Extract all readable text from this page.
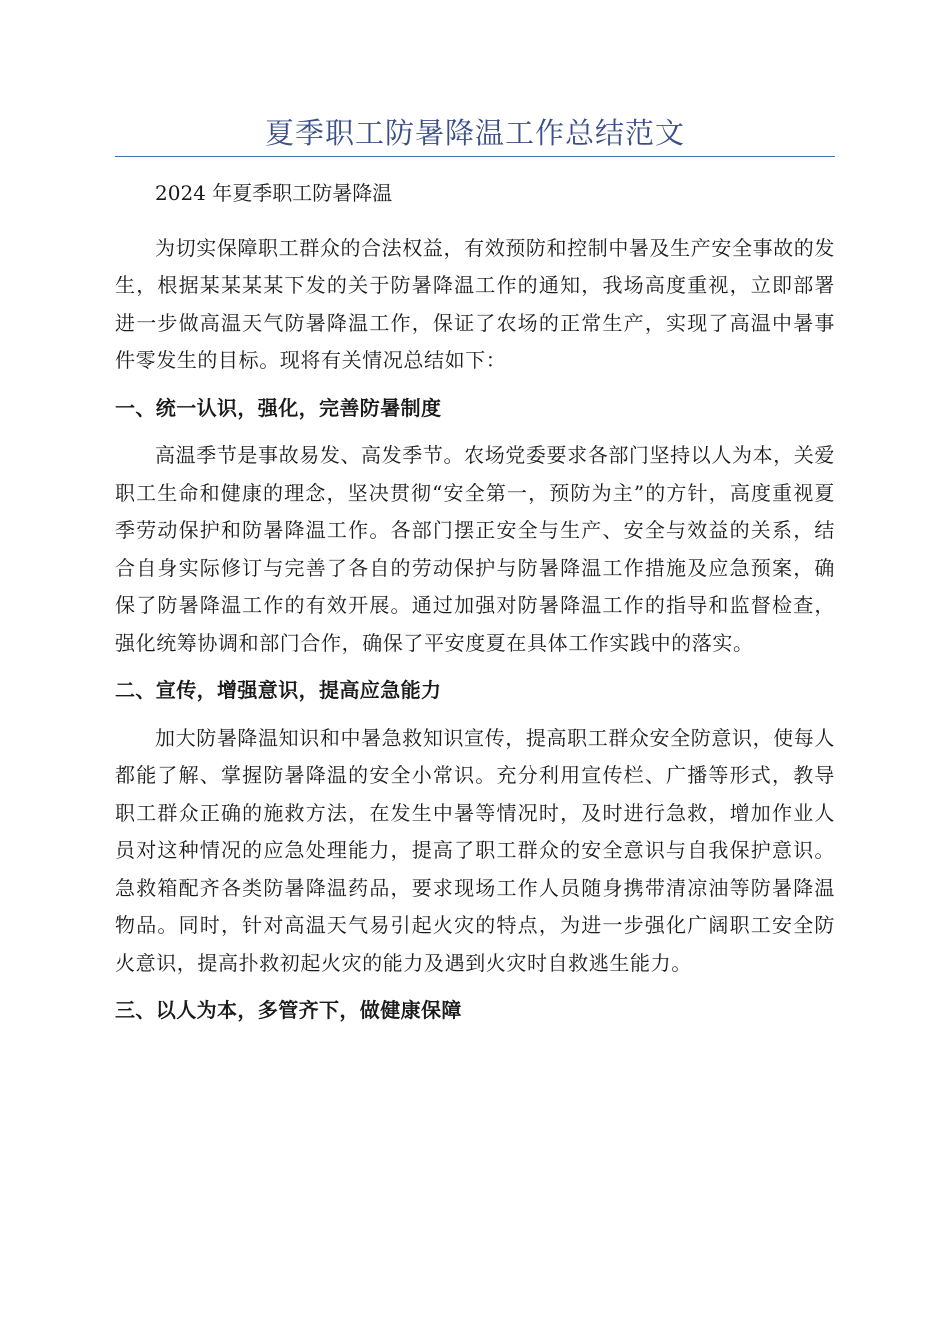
夏季职工防暑降温工作总结范文

2024 年夏季职工防暑降温

为切实保障职工群众的合法权益，有效预防和控制中暑及生产安全事故的发生，根据某某某某下发的关于防暑降温工作的通知，我场高度重视，立即部署进一步做高温天气防暑降温工作，保证了农场的正常生产，实现了高温中暑事件零发生的目标。现将有关情况总结如下：

一、统一认识，强化，完善防暑制度

高温季节是事故易发、高发季节。农场党委要求各部门坚持以人为本，关爱职工生命和健康的理念，坚决贯彻“安全第一，预防为主”的方针，高度重视夏季劳动保护和防暑降温工作。各部门摆正安全与生产、安全与效益的关系，结合自身实际修订与完善了各自的劳动保护与防暑降温工作措施及应急预案，确保了防暑降温工作的有效开展。通过加强对防暑降温工作的指导和监督检查，强化统筹协调和部门合作，确保了平安度夏在具体工作实践中的落实。

二、宣传，增强意识，提高应急能力

加大防暑降温知识和中暑急救知识宣传，提高职工群众安全防意识，使每人都能了解、掌握防暑降温的安全小常识。充分利用宣传栏、广播等形式，教导职工群众正确的施救方法，在发生中暑等情况时，及时进行急救，增加作业人员对这种情况的应急处理能力，提高了职工群众的安全意识与自我保护意识。急救箱配齐各类防暑降温药品，要求现场工作人员随身携带清凉油等防暑降温物品。同时，针对高温天气易引起火灾的特点，为进一步强化广阔职工安全防火意识，提高扑救初起火灾的能力及遇到火灾时自救逃生能力。

三、以人为本，多管齐下，做健康保障
